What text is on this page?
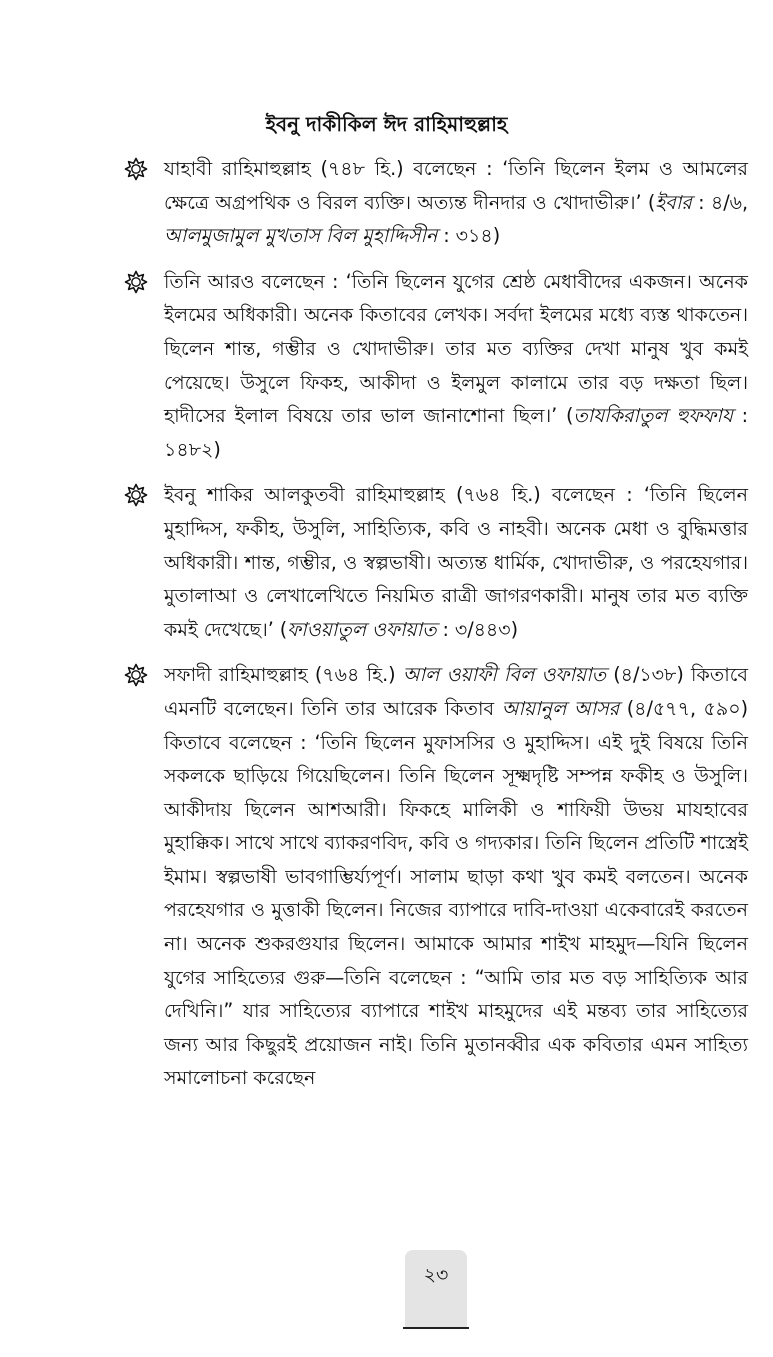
ইবনু দাকীকিল ঈদ রাহিমাহুল্লাহ
যাহাবী রাহিমাহুল্লাহ (৭৪৮ হি.) বলেছেন : ‘তিনি ছিলেন ইলম ও আমলের ক্ষেত্রে অগ্রপথিক ও বিরল ব্যক্তি। অত্যন্ত দীনদার ও খোদাভীরু।’ (ইবার : ৪/৬, আলমুজামুল মুখতাস বিল মুহাদ্দিসীন : ৩১৪)
তিনি আরও বলেছেন : ‘তিনি ছিলেন যুগের শ্রেষ্ঠ মেধাবীদের একজন। অনেক ইলমের অধিকারী। অনেক কিতাবের লেখক। সর্বদা ইলমের মধ্যে ব্যস্ত থাকতেন। ছিলেন শান্ত, গম্ভীর ও খোদাভীরু। তার মত ব্যক্তির দেখা মানুষ খুব কমই পেয়েছে। উসুলে ফিকহ, আকীদা ও ইলমুল কালামে তার বড় দক্ষতা ছিল। হাদীসের ইলাল বিষয়ে তার ভাল জানাশোনা ছিল।’ (তাযকিরাতুল হুফফায : ১৪৮২)
ইবনু শাকির আলকুতবী রাহিমাহুল্লাহ (৭৬৪ হি.) বলেছেন : ‘তিনি ছিলেন মুহাদ্দিস, ফকীহ, উসুলি, সাহিত্যিক, কবি ও নাহবী। অনেক মেধা ও বুদ্ধিমত্তার অধিকারী। শান্ত, গম্ভীর, ও স্বল্পভাষী। অত্যন্ত ধার্মিক, খোদাভীরু, ও পরহেযগার। মুতালাআ ও লেখালেখিতে নিয়মিত রাত্রী জাগরণকারী। মানুষ তার মত ব্যক্তি কমই দেখেছে।’ (ফাওয়াতুল ওফায়াত : ৩/৪৪৩)
সফাদী রাহিমাহুল্লাহ (৭৬৪ হি.) আল ওয়াফী বিল ওফায়াত (৪/১৩৮) কিতাবে এমনটি বলেছেন। তিনি তার আরেক কিতাব আয়ানুল আসর (৪/৫৭৭, ৫৯০) কিতাবে বলেছেন : ‘তিনি ছিলেন মুফাসসির ও মুহাদ্দিস। এই দুই বিষয়ে তিনি সকলকে ছাড়িয়ে গিয়েছিলেন। তিনি ছিলেন সূক্ষ্মদৃষ্টি সম্পন্ন ফকীহ ও উসুলি। আকীদায় ছিলেন আশআরী। ফিকহে মালিকী ও শাফিয়ী উভয় মাযহাবের মুহাক্কিক। সাথে সাথে ব্যাকরণবিদ, কবি ও গদ্যকার। তিনি ছিলেন প্রতিটি শাস্ত্রেই ইমাম। স্বল্পভাষী ভাবগাম্ভির্য্যপূর্ণ। সালাম ছাড়া কথা খুব কমই বলতেন। অনেক পরহেযগার ও মুত্তাকী ছিলেন। নিজের ব্যাপারে দাবি-দাওয়া একেবারেই করতেন না। অনেক শুকরগুযার ছিলেন। আমাকে আমার শাইখ মাহমুদ—যিনি ছিলেন যুগের সাহিত্যের গুরু—তিনি বলেছেন : “আমি তার মত বড় সাহিত্যিক আর দেখিনি।” যার সাহিত্যের ব্যাপারে শাইখ মাহমুদের এই মন্তব্য তার সাহিত্যের জন্য আর কিছুরই প্রয়োজন নাই। তিনি মুতানব্বীর এক কবিতার এমন সাহিত্য সমালোচনা করেছেন
২৩
